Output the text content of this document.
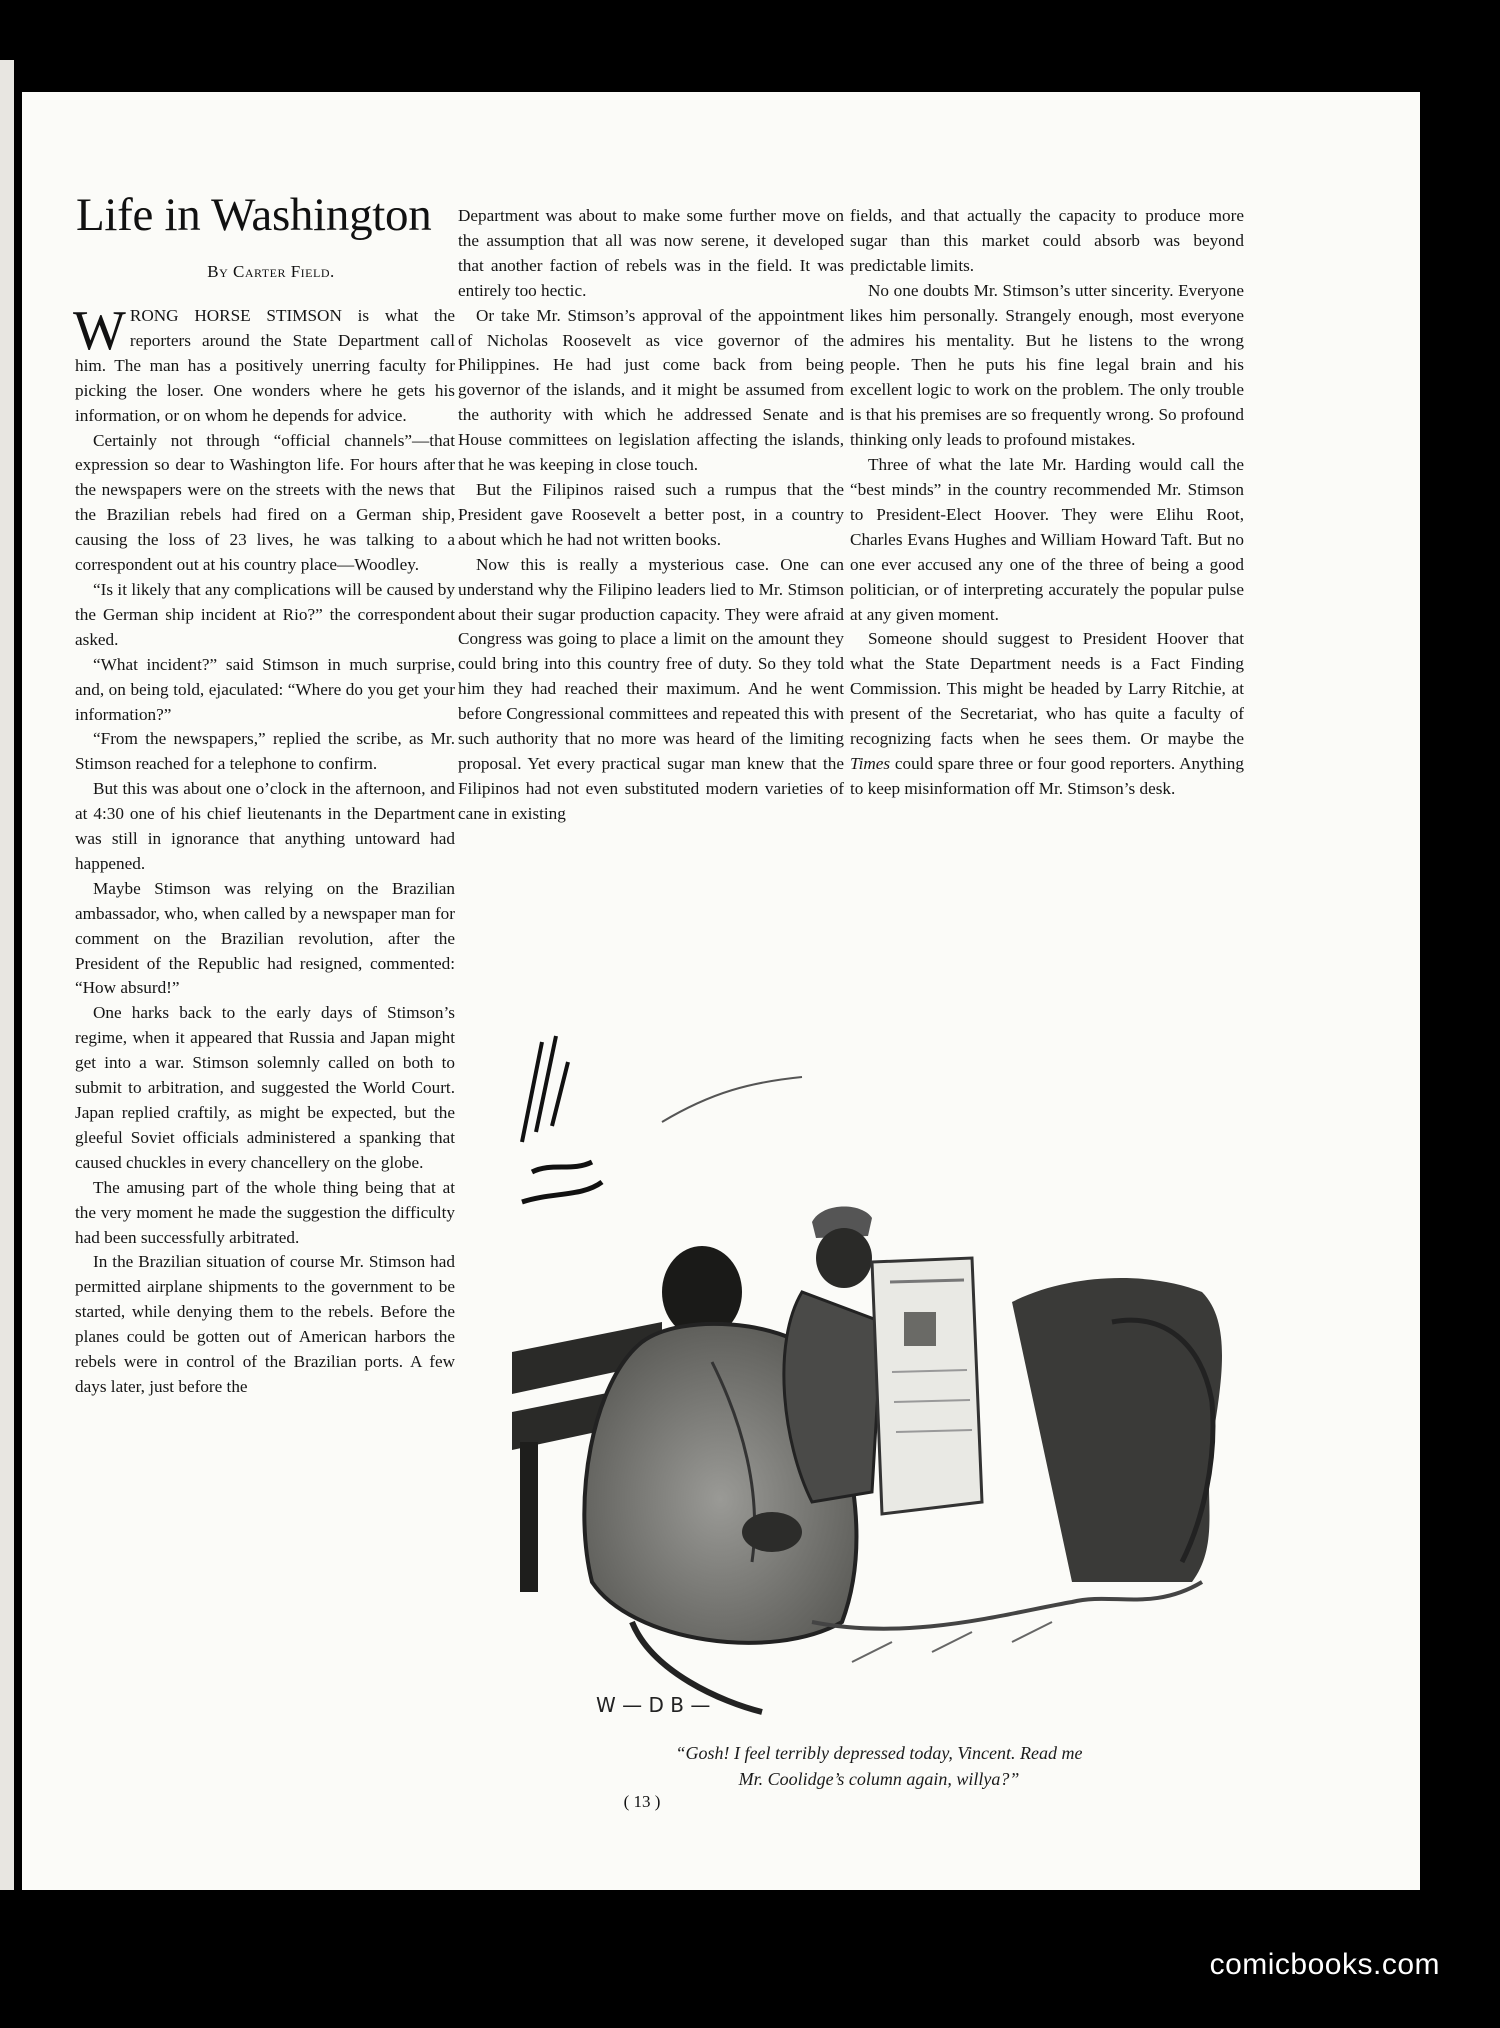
Life in Washington
By Carter Field.

WRONG HORSE STIMSON is what the reporters around the State Department call him. The man has a positively unerring faculty for picking the loser. One wonders where he gets his information, or on whom he depends for advice.

Certainly not through “official channels”—that expression so dear to Washington life. For hours after the newspapers were on the streets with the news that the Brazilian rebels had fired on a German ship, causing the loss of 23 lives, he was talking to a correspondent out at his country place—Woodley.

“Is it likely that any complications will be caused by the German ship incident at Rio?” the correspondent asked.

“What incident?” said Stimson in much surprise, and, on being told, ejaculated: “Where do you get your information?”

“From the newspapers,” replied the scribe, as Mr. Stimson reached for a telephone to confirm.

But this was about one o’clock in the afternoon, and at 4:30 one of his chief lieutenants in the Department was still in ignorance that anything untoward had happened.

Maybe Stimson was relying on the Brazilian ambassador, who, when called by a newspaper man for comment on the Brazilian revolution, after the President of the Republic had resigned, commented: “How absurd!”

One harks back to the early days of Stimson’s regime, when it appeared that Russia and Japan might get into a war. Stimson solemnly called on both to submit to arbitration, and suggested the World Court. Japan replied craftily, as might be expected, but the gleeful Soviet officials administered a spanking that caused chuckles in every chancellery on the globe.

The amusing part of the whole thing being that at the very moment he made the suggestion the difficulty had been successfully arbitrated.

In the Brazilian situation of course Mr. Stimson had permitted airplane shipments to the government to be started, while denying them to the rebels. Before the planes could be gotten out of American harbors the rebels were in control of the Brazilian ports. A few days later, just before the

Department was about to make some further move on the assumption that all was now serene, it developed that another faction of rebels was in the field. It was entirely too hectic.

Or take Mr. Stimson’s approval of the appointment of Nicholas Roosevelt as vice governor of the Philippines. He had just come back from being governor of the islands, and it might be assumed from the authority with which he addressed Senate and House committees on legislation affecting the islands, that he was keeping in close touch.

But the Filipinos raised such a rumpus that the President gave Roosevelt a better post, in a country about which he had not written books.

Now this is really a mysterious case. One can understand why the Filipino leaders lied to Mr. Stimson about their sugar production capacity. They were afraid Congress was going to place a limit on the amount they could bring into this country free of duty. So they told him they had reached their maximum. And he went before Congressional committees and repeated this with such authority that no more was heard of the limiting proposal. Yet every practical sugar man knew that the Filipinos had not even substituted modern varieties of cane in existing

fields, and that actually the capacity to produce more sugar than this market could absorb was beyond predictable limits.

No one doubts Mr. Stimson’s utter sincerity. Everyone likes him personally. Strangely enough, most everyone admires his mentality. But he listens to the wrong people. Then he puts his fine legal brain and his excellent logic to work on the problem. The only trouble is that his premises are so frequently wrong. So profound thinking only leads to profound mistakes.

Three of what the late Mr. Harding would call the “best minds” in the country recommended Mr. Stimson to President-Elect Hoover. They were Elihu Root, Charles Evans Hughes and William Howard Taft. But no one ever accused any one of the three of being a good politician, or of interpreting accurately the popular pulse at any given moment.

Someone should suggest to President Hoover that what the State Department needs is a Fact Finding Commission. This might be headed by Larry Ritchie, at present of the Secretariat, who has quite a faculty of recognizing facts when he sees them. Or maybe the Times could spare three or four good reporters. Anything to keep misinformation off Mr. Stimson’s desk.

W — D B —
“Gosh! I feel terribly depressed today, Vincent. Read me
Mr. Coolidge’s column again, willya?”
( 13 )
comicbooks.com
